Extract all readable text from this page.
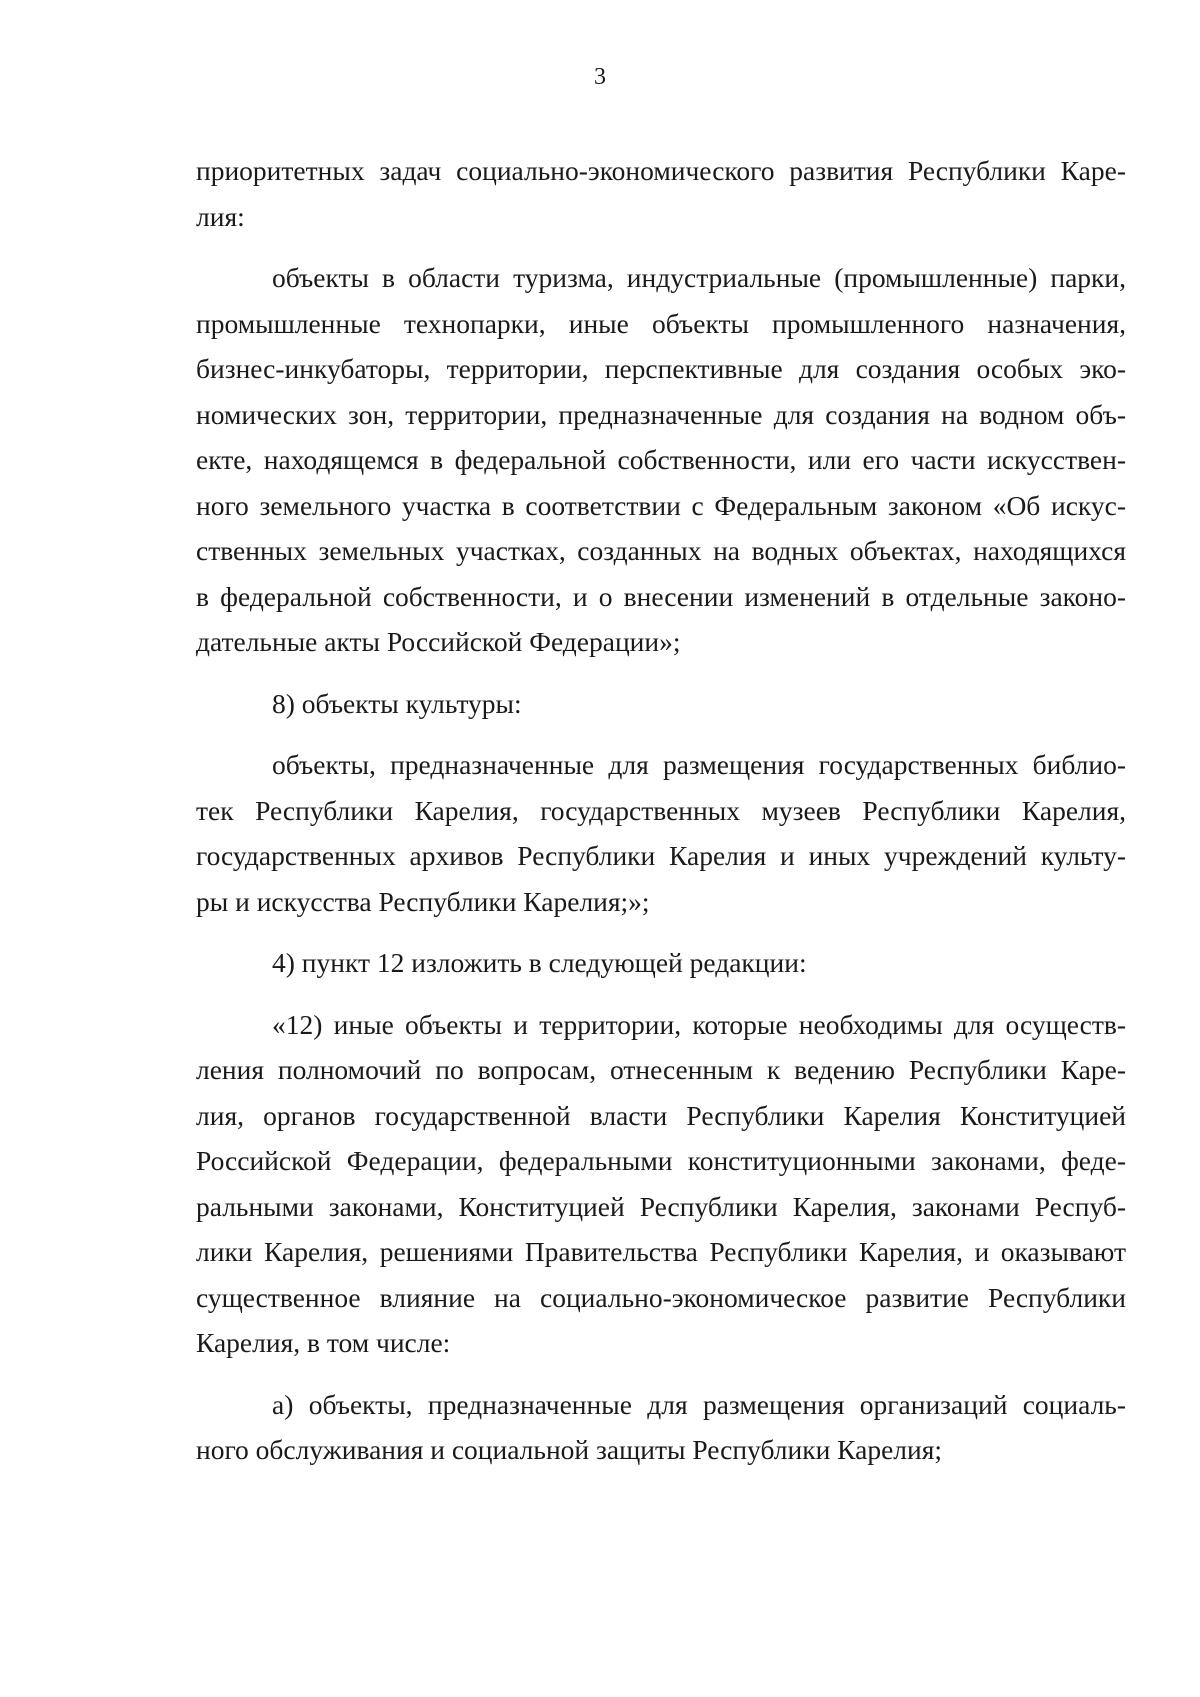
3
приоритетных задач социально-экономического развития Республики Каре-
лия:
объекты в области туризма, индустриальные (промышленные) парки,
промышленные технопарки, иные объекты промышленного назначения,
бизнес-инкубаторы, территории, перспективные для создания особых эко-
номических зон, территории, предназначенные для создания на водном объ-
екте, находящемся в федеральной собственности, или его части искусствен-
ного земельного участка в соответствии с Федеральным законом «Об искус-
ственных земельных участках, созданных на водных объектах, находящихся
в федеральной собственности, и о внесении изменений в отдельные законо-
дательные акты Российской Федерации»;
8) объекты культуры:
объекты, предназначенные для размещения государственных библио-
тек Республики Карелия, государственных музеев Республики Карелия,
государственных архивов Республики Карелия и иных учреждений культу-
ры и искусства Республики Карелия;»;
4) пункт 12 изложить в следующей редакции:
«12) иные объекты и территории, которые необходимы для осуществ-
ления полномочий по вопросам, отнесенным к ведению Республики Каре-
лия, органов государственной власти Республики Карелия Конституцией
Российской Федерации, федеральными конституционными законами, феде-
ральными законами, Конституцией Республики Карелия, законами Респуб-
лики Карелия, решениями Правительства Республики Карелия, и оказывают
существенное влияние на социально-экономическое развитие Республики
Карелия, в том числе:
а) объекты, предназначенные для размещения организаций социаль-
ного обслуживания и социальной защиты Республики Карелия;
